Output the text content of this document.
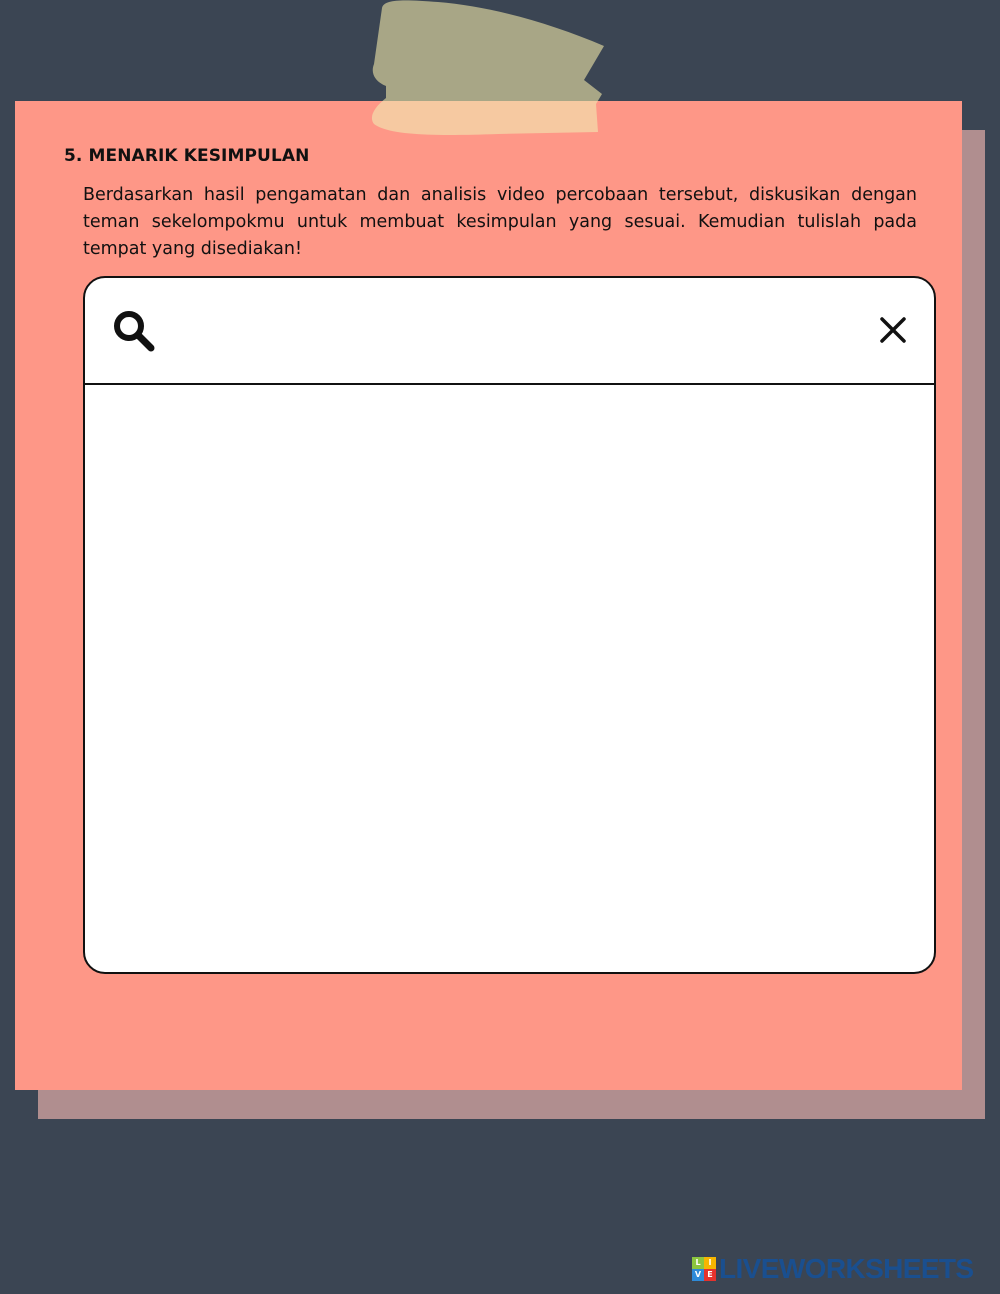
5. MENARIK KESIMPULAN

Berdasarkan hasil pengamatan dan analisis video percobaan tersebut, diskusikan dengan teman sekelompokmu untuk membuat kesimpulan yang sesuai. Kemudian tulislah pada tempat yang disediakan!

L I
V E LIVEWORKSHEETS
